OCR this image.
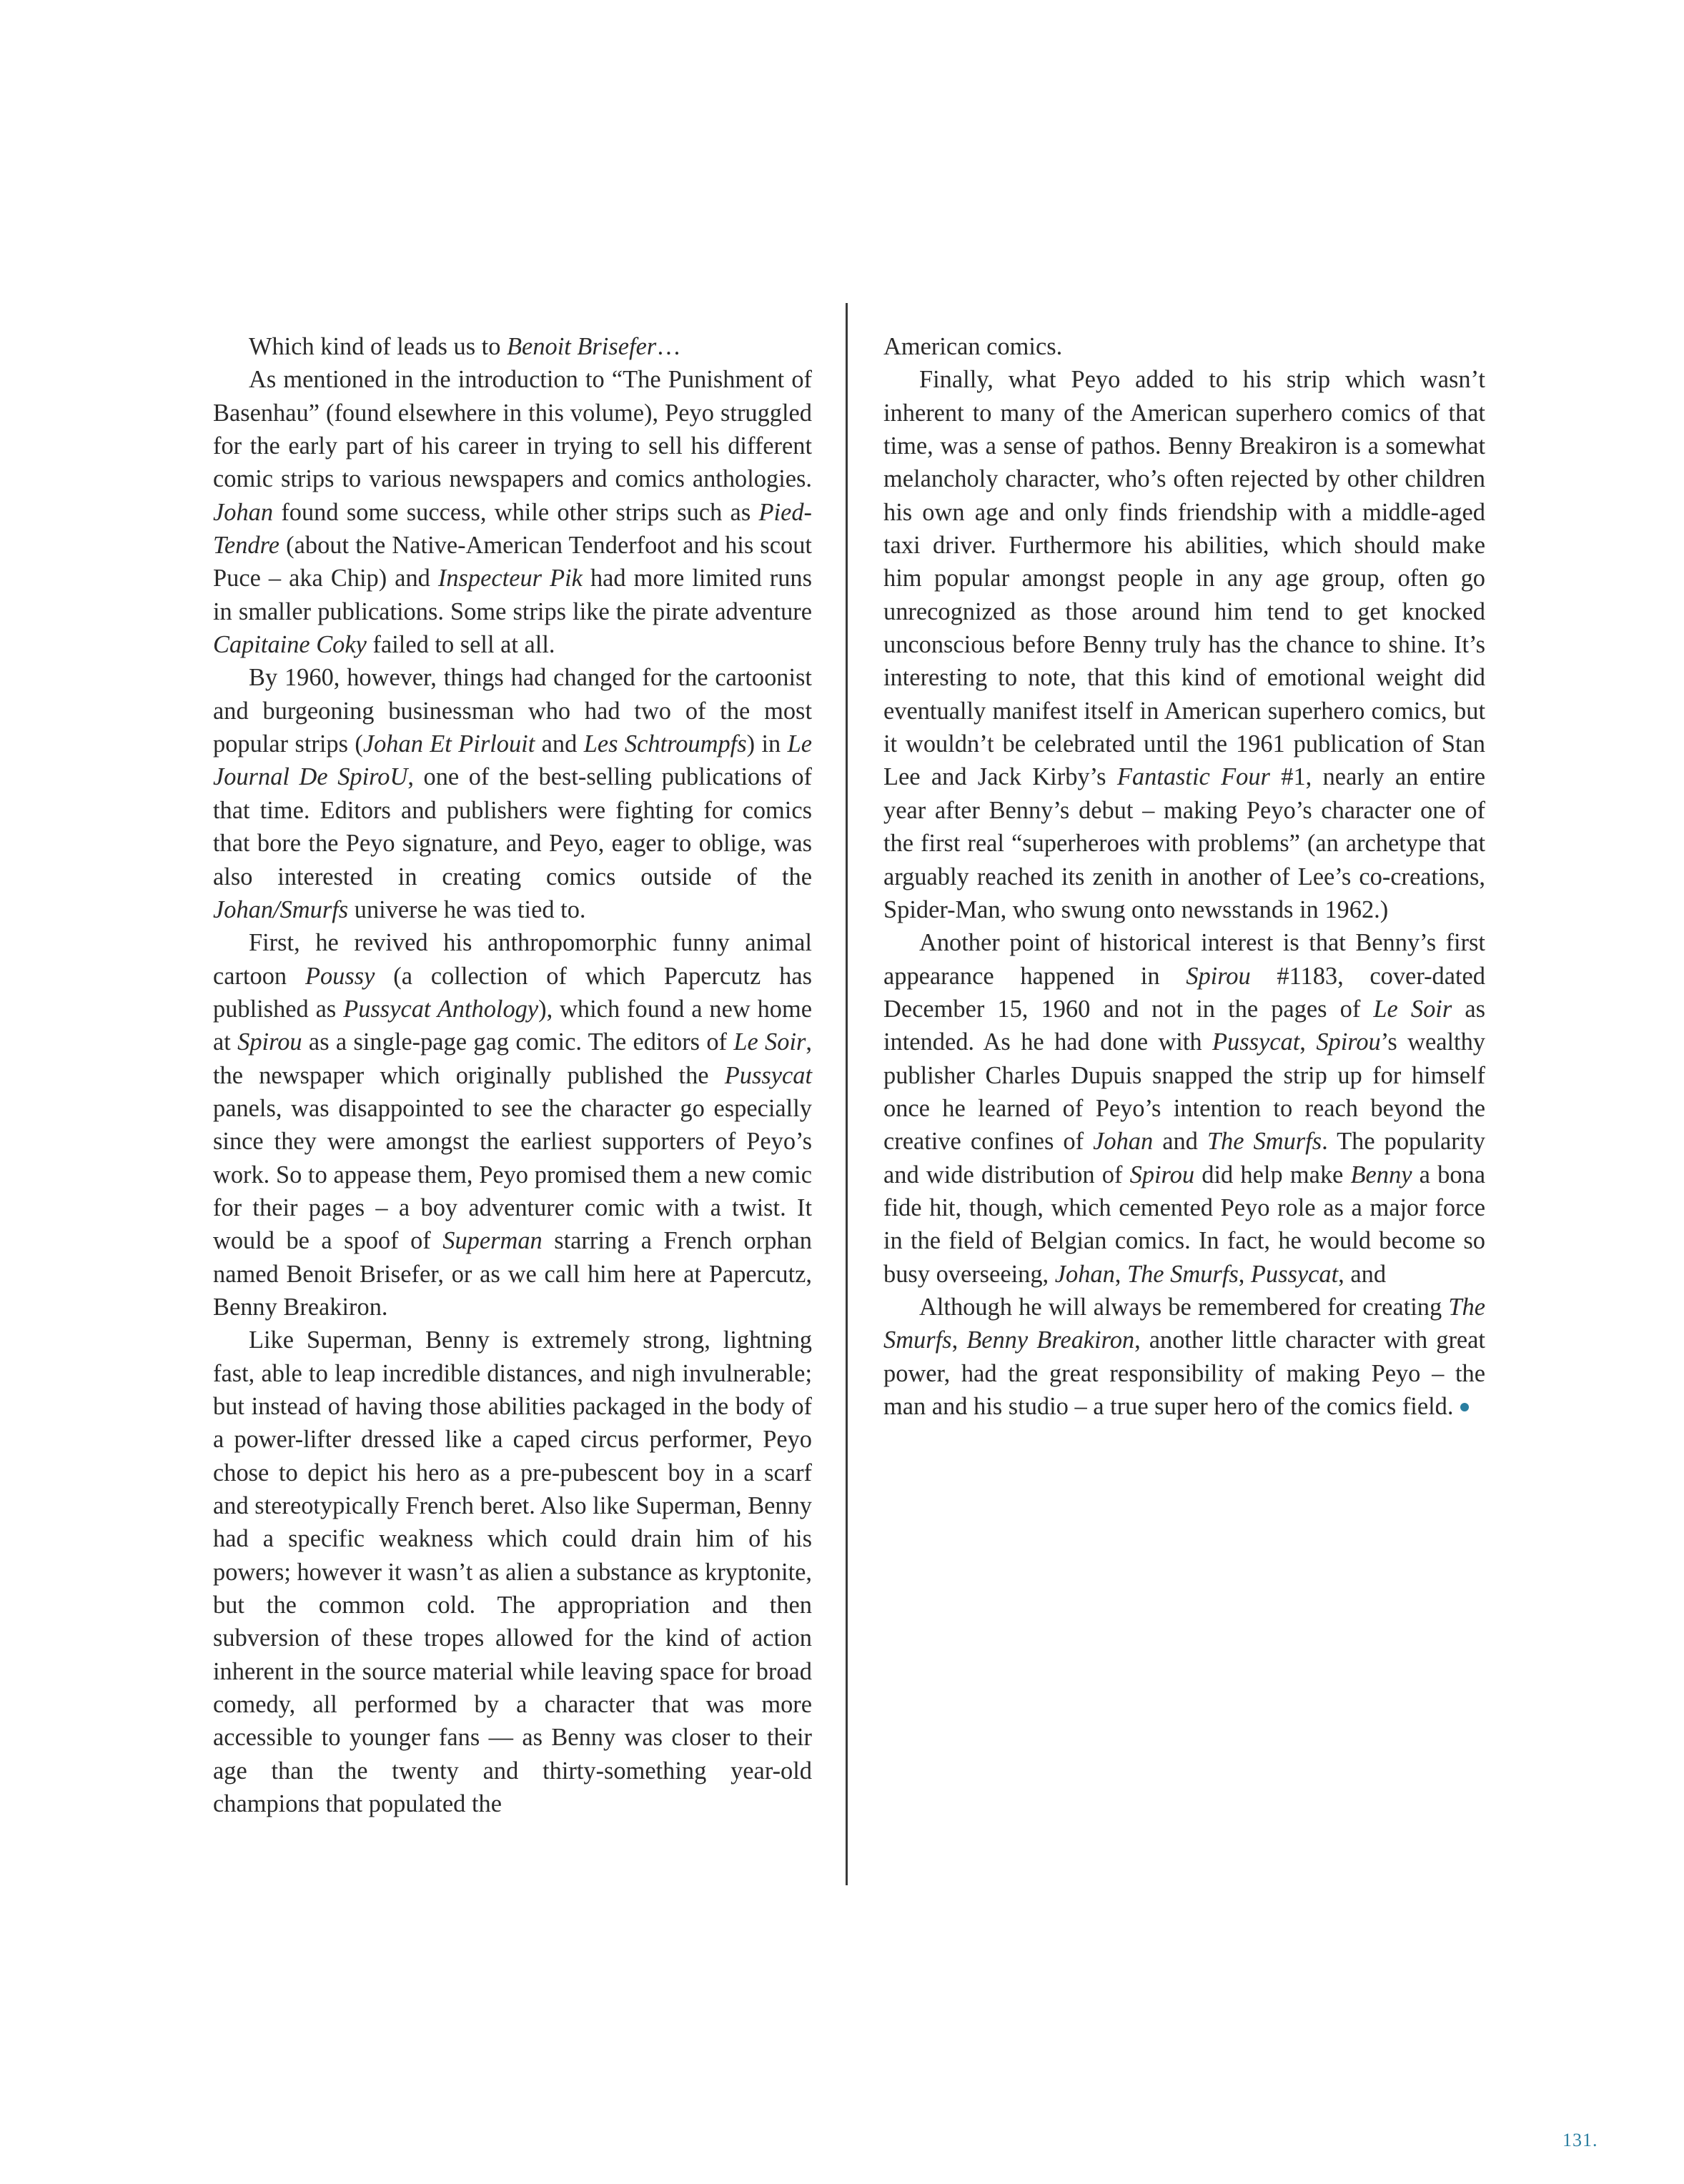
Which kind of leads us to Benoit Brisefer…

As mentioned in the introduction to “The Punishment of Basenhau” (found elsewhere in this volume), Peyo struggled for the early part of his career in trying to sell his different comic strips to various newspapers and comics anthologies. Johan found some success, while other strips such as Pied-Tendre (about the Native-American Tenderfoot and his scout Puce – aka Chip) and Inspecteur Pik had more limited runs in smaller publications. Some strips like the pirate adventure Capitaine Coky failed to sell at all.

By 1960, however, things had changed for the cartoonist and burgeoning businessman who had two of the most popular strips (Johan Et Pirlouit and Les Schtroumpfs) in Le Journal De SpiroU, one of the best-selling publications of that time. Editors and publishers were fighting for comics that bore the Peyo signature, and Peyo, eager to oblige, was also interested in creating comics outside of the Johan/Smurfs universe he was tied to.

First, he revived his anthropomorphic funny animal cartoon Poussy (a collection of which Papercutz has published as Pussycat Anthology), which found a new home at Spirou as a single-page gag comic. The editors of Le Soir, the newspaper which originally published the Pussycat panels, was disappointed to see the character go especially since they were amongst the earliest supporters of Peyo’s work. So to appease them, Peyo promised them a new comic for their pages – a boy adventurer comic with a twist. It would be a spoof of Superman starring a French orphan named Benoit Brisefer, or as we call him here at Papercutz, Benny Breakiron.

Like Superman, Benny is extremely strong, lightning fast, able to leap incredible distances, and nigh invulnerable; but instead of having those abilities packaged in the body of a power-lifter dressed like a caped circus performer, Peyo chose to depict his hero as a pre-pubescent boy in a scarf and stereotypically French beret. Also like Superman, Benny had a specific weakness which could drain him of his powers; however it wasn’t as alien a substance as kryptonite, but the common cold. The appropriation and then subversion of these tropes allowed for the kind of action inherent in the source material while leaving space for broad comedy, all performed by a character that was more accessible to younger fans — as Benny was closer to their age than the twenty and thirty-something year-old champions that populated the

American comics.

Finally, what Peyo added to his strip which wasn’t inherent to many of the American superhero comics of that time, was a sense of pathos. Benny Breakiron is a somewhat melancholy character, who’s often rejected by other children his own age and only finds friendship with a middle-aged taxi driver. Furthermore his abilities, which should make him popular amongst people in any age group, often go unrecognized as those around him tend to get knocked unconscious before Benny truly has the chance to shine. It’s interesting to note, that this kind of emotional weight did eventually manifest itself in American superhero comics, but it wouldn’t be celebrated until the 1961 publication of Stan Lee and Jack Kirby’s Fantastic Four #1, nearly an entire year after Benny’s debut – making Peyo’s character one of the first real “superheroes with problems” (an archetype that arguably reached its zenith in another of Lee’s co-creations, Spider-Man, who swung onto newsstands in 1962.)

Another point of historical interest is that Benny’s first appearance happened in Spirou #1183, cover-dated December 15, 1960 and not in the pages of Le Soir as intended. As he had done with Pussycat, Spirou’s wealthy publisher Charles Dupuis snapped the strip up for himself once he learned of Peyo’s intention to reach beyond the creative confines of Johan and The Smurfs. The popularity and wide distribution of Spirou did help make Benny a bona fide hit, though, which cemented Peyo role as a major force in the field of Belgian comics. In fact, he would become so busy overseeing, Johan, The Smurfs, Pussycat, and

Although he will always be remembered for creating The Smurfs, Benny Breakiron, another little character with great power, had the great responsibility of making Peyo – the man and his studio – a true super hero of the comics field.

131.
